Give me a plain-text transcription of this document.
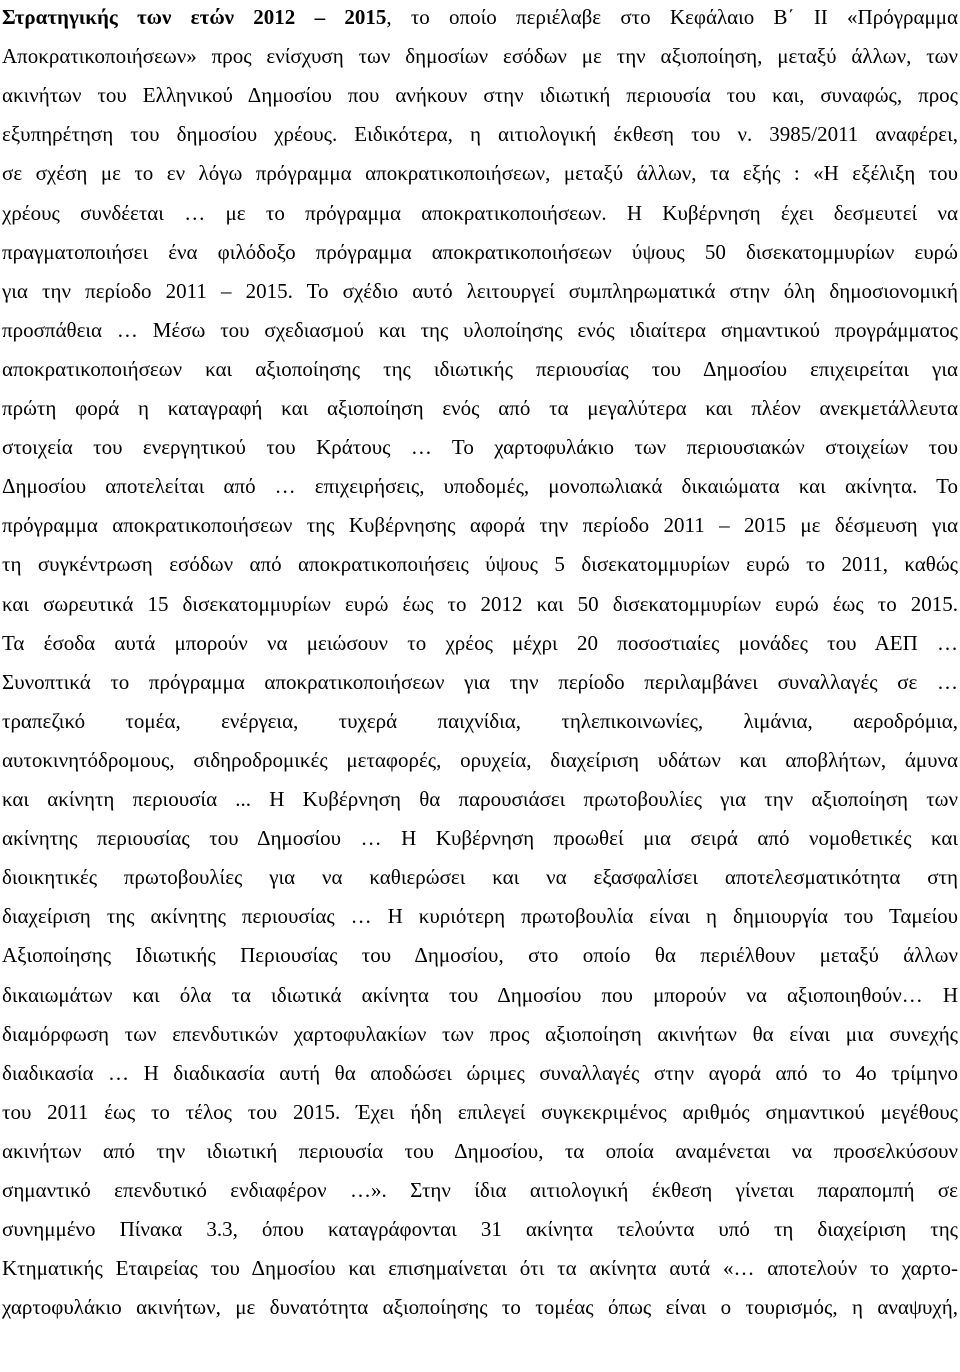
Στρατηγικής των ετών 2012 – 2015, το οποίο περιέλαβε στο Κεφάλαιο Β΄ ΙΙ «Πρόγραμμα
Αποκρατικοποιήσεων» προς ενίσχυση των δημοσίων εσόδων με την αξιοποίηση, μεταξύ άλλων, των
ακινήτων του Ελληνικού Δημοσίου που ανήκουν στην ιδιωτική περιουσία του και, συναφώς, προς
εξυπηρέτηση του δημοσίου χρέους. Ειδικότερα, η αιτιολογική έκθεση του ν. 3985/2011 αναφέρει,
σε σχέση με το εν λόγω πρόγραμμα αποκρατικοποιήσεων, μεταξύ άλλων, τα εξής : «Η εξέλιξη του
χρέους συνδέεται … με το πρόγραμμα αποκρατικοποιήσεων. Η Κυβέρνηση έχει δεσμευτεί να
πραγματοποιήσει ένα φιλόδοξο πρόγραμμα αποκρατικοποιήσεων ύψους 50 δισεκατομμυρίων ευρώ
για την περίοδο 2011 – 2015. Το σχέδιο αυτό λειτουργεί συμπληρωματικά στην όλη δημοσιονομική
προσπάθεια … Μέσω του σχεδιασμού και της υλοποίησης ενός ιδιαίτερα σημαντικού προγράμματος
αποκρατικοποιήσεων και αξιοποίησης της ιδιωτικής περιουσίας του Δημοσίου επιχειρείται για
πρώτη φορά η καταγραφή και αξιοποίηση ενός από τα μεγαλύτερα και πλέον ανεκμετάλλευτα
στοιχεία του ενεργητικού του Κράτους … Το χαρτοφυλάκιο των περιουσιακών στοιχείων του
Δημοσίου αποτελείται από … επιχειρήσεις, υποδομές, μονοπωλιακά δικαιώματα και ακίνητα. Το
πρόγραμμα αποκρατικοποιήσεων της Κυβέρνησης αφορά την περίοδο 2011 – 2015 με δέσμευση για
τη συγκέντρωση εσόδων από αποκρατικοποιήσεις ύψους 5 δισεκατομμυρίων ευρώ το 2011, καθώς
και σωρευτικά 15 δισεκατομμυρίων ευρώ έως το 2012 και 50 δισεκατομμυρίων ευρώ έως το 2015.
Τα έσοδα αυτά μπορούν να μειώσουν το χρέος μέχρι 20 ποσοστιαίες μονάδες του ΑΕΠ …
Συνοπτικά το πρόγραμμα αποκρατικοποιήσεων για την περίοδο περιλαμβάνει συναλλαγές σε …
τραπεζικό τομέα, ενέργεια, τυχερά παιχνίδια, τηλεπικοινωνίες, λιμάνια, αεροδρόμια,
αυτοκινητόδρομους, σιδηροδρομικές μεταφορές, ορυχεία, διαχείριση υδάτων και αποβλήτων, άμυνα
και ακίνητη περιουσία ... Η Κυβέρνηση θα παρουσιάσει πρωτοβουλίες για την αξιοποίηση των
ακίνητης περιουσίας του Δημοσίου … Η Κυβέρνηση προωθεί μια σειρά από νομοθετικές και
διοικητικές πρωτοβουλίες για να καθιερώσει και να εξασφαλίσει αποτελεσματικότητα στη
διαχείριση της ακίνητης περιουσίας … Η κυριότερη πρωτοβουλία είναι η δημιουργία του Ταμείου
Αξιοποίησης Ιδιωτικής Περιουσίας του Δημοσίου, στο οποίο θα περιέλθουν μεταξύ άλλων
δικαιωμάτων και όλα τα ιδιωτικά ακίνητα του Δημοσίου που μπορούν να αξιοποιηθούν… Η
διαμόρφωση των επενδυτικών χαρτοφυλακίων των προς αξιοποίηση ακινήτων θα είναι μια συνεχής
διαδικασία … Η διαδικασία αυτή θα αποδώσει ώριμες συναλλαγές στην αγορά από το 4ο τρίμηνο
του 2011 έως το τέλος του 2015. Έχει ήδη επιλεγεί συγκεκριμένος αριθμός σημαντικού μεγέθους
ακινήτων από την ιδιωτική περιουσία του Δημοσίου, τα οποία αναμένεται να προσελκύσουν
σημαντικό επενδυτικό ενδιαφέρον …». Στην ίδια αιτιολογική έκθεση γίνεται παραπομπή σε
συνημμένο Πίνακα 3.3, όπου καταγράφονται 31 ακίνητα τελούντα υπό τη διαχείριση της
Κτηματικής Εταιρείας του Δημοσίου και επισημαίνεται ότι τα ακίνητα αυτά «… αποτελούν το χαρτο-
χαρτοφυλάκιο ακινήτων, με δυνατότητα αξιοποίησης το τομέας όπως είναι ο τουρισμός, η αναψυχή,
